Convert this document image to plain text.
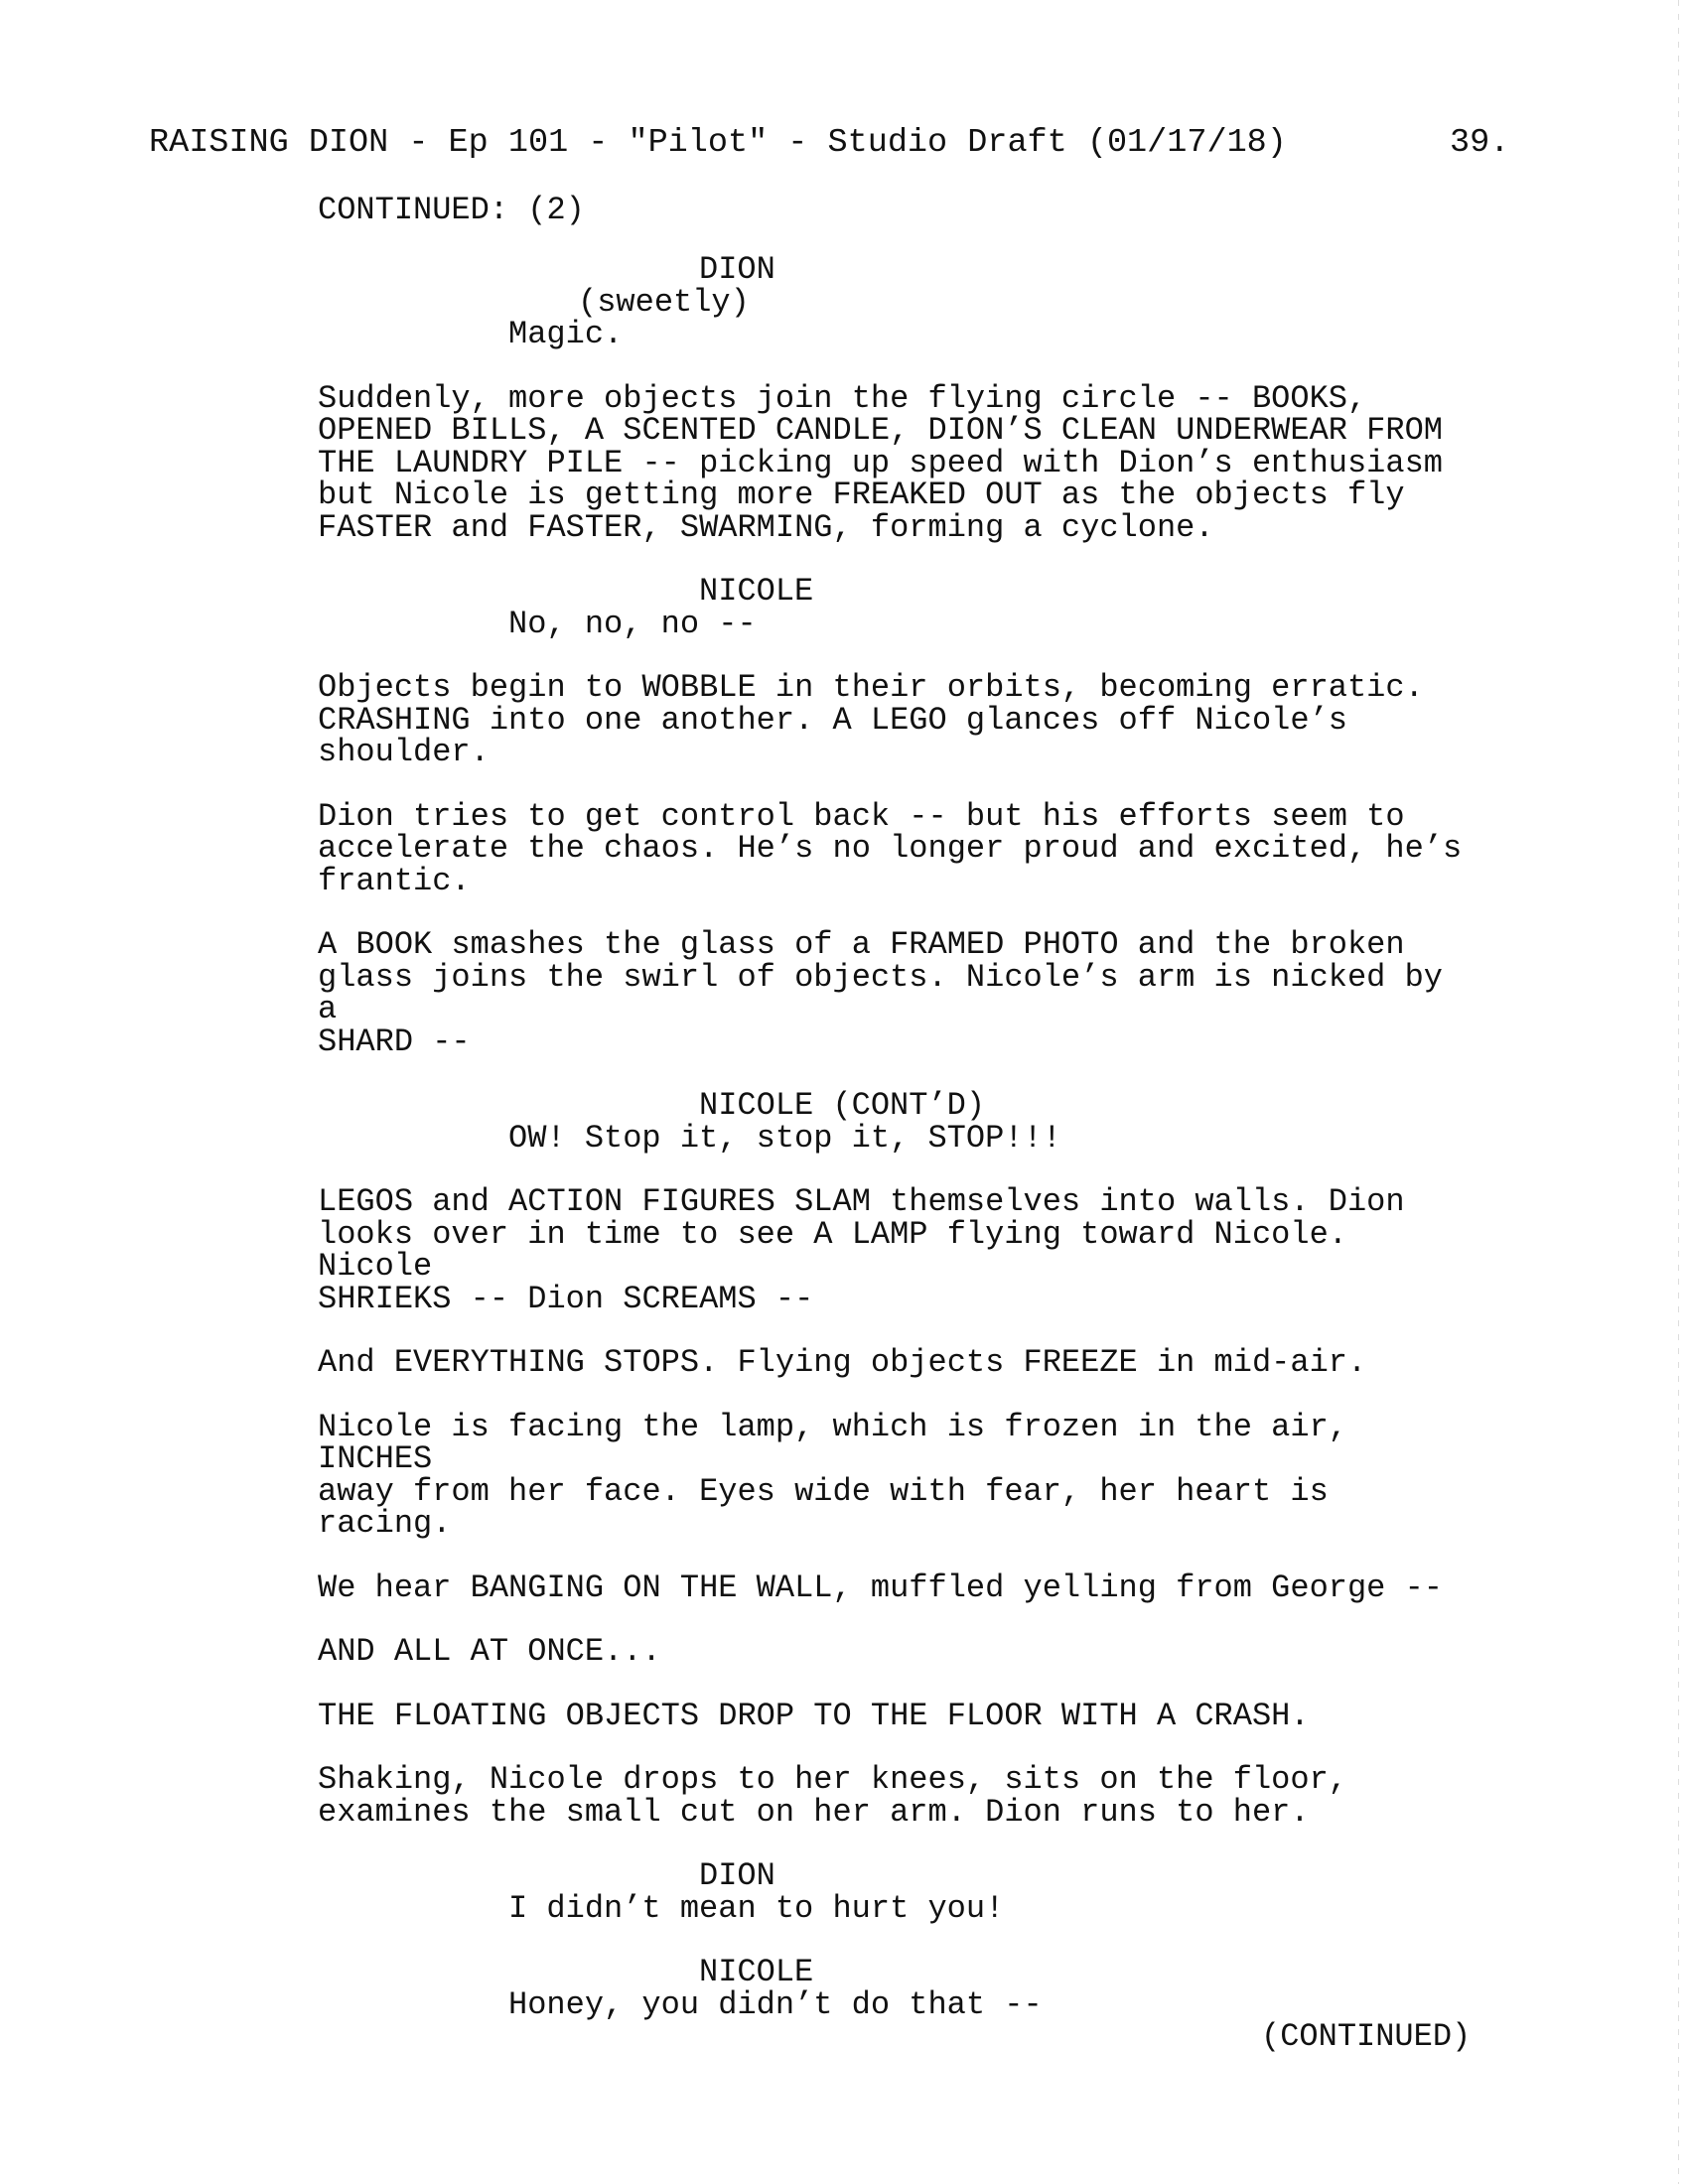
RAISING DION - Ep 101 - "Pilot" - Studio Draft (01/17/18)	39.
CONTINUED: (2)
DION
(sweetly)
Magic.
Suddenly, more objects join the flying circle -- BOOKS,
OPENED BILLS, A SCENTED CANDLE, DION’S CLEAN UNDERWEAR FROM
THE LAUNDRY PILE -- picking up speed with Dion’s enthusiasm
but Nicole is getting more FREAKED OUT as the objects fly
FASTER and FASTER, SWARMING, forming a cyclone.
NICOLE
No, no, no --
Objects begin to WOBBLE in their orbits, becoming erratic.
CRASHING into one another. A LEGO glances off Nicole’s
shoulder.
Dion tries to get control back -- but his efforts seem to
accelerate the chaos. He’s no longer proud and excited, he’s
frantic.
A BOOK smashes the glass of a FRAMED PHOTO and the broken
glass joins the swirl of objects. Nicole’s arm is nicked by a
SHARD --
NICOLE (CONT’D)
OW! Stop it, stop it, STOP!!!
LEGOS and ACTION FIGURES SLAM themselves into walls. Dion
looks over in time to see A LAMP flying toward Nicole. Nicole
SHRIEKS -- Dion SCREAMS --
And EVERYTHING STOPS. Flying objects FREEZE in mid-air.
Nicole is facing the lamp, which is frozen in the air, INCHES
away from her face. Eyes wide with fear, her heart is racing.
We hear BANGING ON THE WALL, muffled yelling from George --
AND ALL AT ONCE...
THE FLOATING OBJECTS DROP TO THE FLOOR WITH A CRASH.
Shaking, Nicole drops to her knees, sits on the floor,
examines the small cut on her arm. Dion runs to her.
DION
I didn’t mean to hurt you!
NICOLE
Honey, you didn’t do that --
(CONTINUED)
